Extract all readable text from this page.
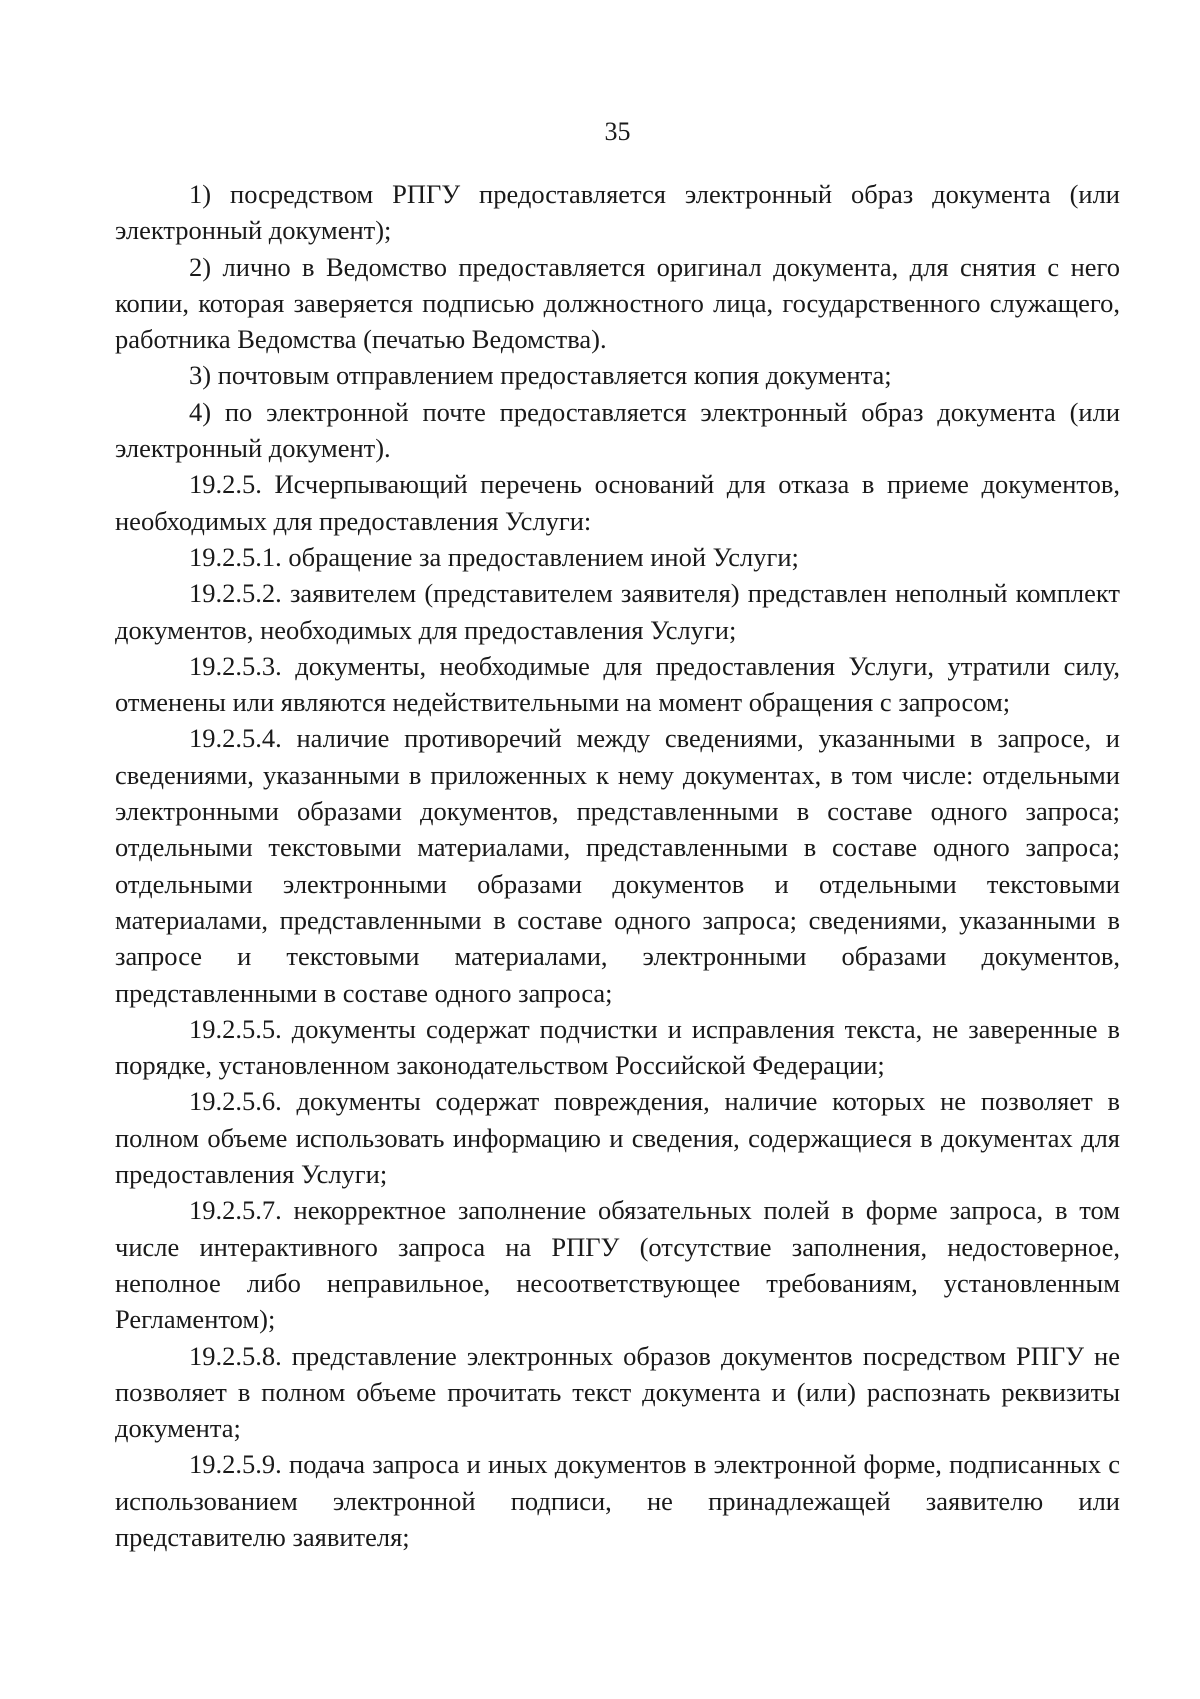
35

1) посредством РПГУ предоставляется электронный образ документа (или электронный документ);

2) лично в Ведомство предоставляется оригинал документа, для снятия с него копии, которая заверяется подписью должностного лица, государственного служащего, работника Ведомства (печатью Ведомства).

3) почтовым отправлением предоставляется копия документа;

4) по электронной почте предоставляется электронный образ документа (или электронный документ).

19.2.5. Исчерпывающий перечень оснований для отказа в приеме документов, необходимых для предоставления Услуги:

19.2.5.1. обращение за предоставлением иной Услуги;

19.2.5.2. заявителем (представителем заявителя) представлен неполный комплект документов, необходимых для предоставления Услуги;

19.2.5.3. документы, необходимые для предоставления Услуги, утратили силу, отменены или являются недействительными на момент обращения с запросом;

19.2.5.4. наличие противоречий между сведениями, указанными в запросе, и сведениями, указанными в приложенных к нему документах, в том числе: отдельными электронными образами документов, представленными в составе одного запроса; отдельными текстовыми материалами, представленными в составе одного запроса; отдельными электронными образами документов и отдельными текстовыми материалами, представленными в составе одного запроса; сведениями, указанными в запросе и текстовыми материалами, электронными образами документов, представленными в составе одного запроса;

19.2.5.5. документы содержат подчистки и исправления текста, не заверенные в порядке, установленном законодательством Российской Федерации;

19.2.5.6. документы содержат повреждения, наличие которых не позволяет в полном объеме использовать информацию и сведения, содержащиеся в документах для предоставления Услуги;

19.2.5.7. некорректное заполнение обязательных полей в форме запроса, в том числе интерактивного запроса на РПГУ (отсутствие заполнения, недостоверное, неполное либо неправильное, несоответствующее требованиям, установленным Регламентом);

19.2.5.8. представление электронных образов документов посредством РПГУ не позволяет в полном объеме прочитать текст документа и (или) распознать реквизиты документа;

19.2.5.9. подача запроса и иных документов в электронной форме, подписанных с использованием электронной подписи, не принадлежащей заявителю или представителю заявителя;
